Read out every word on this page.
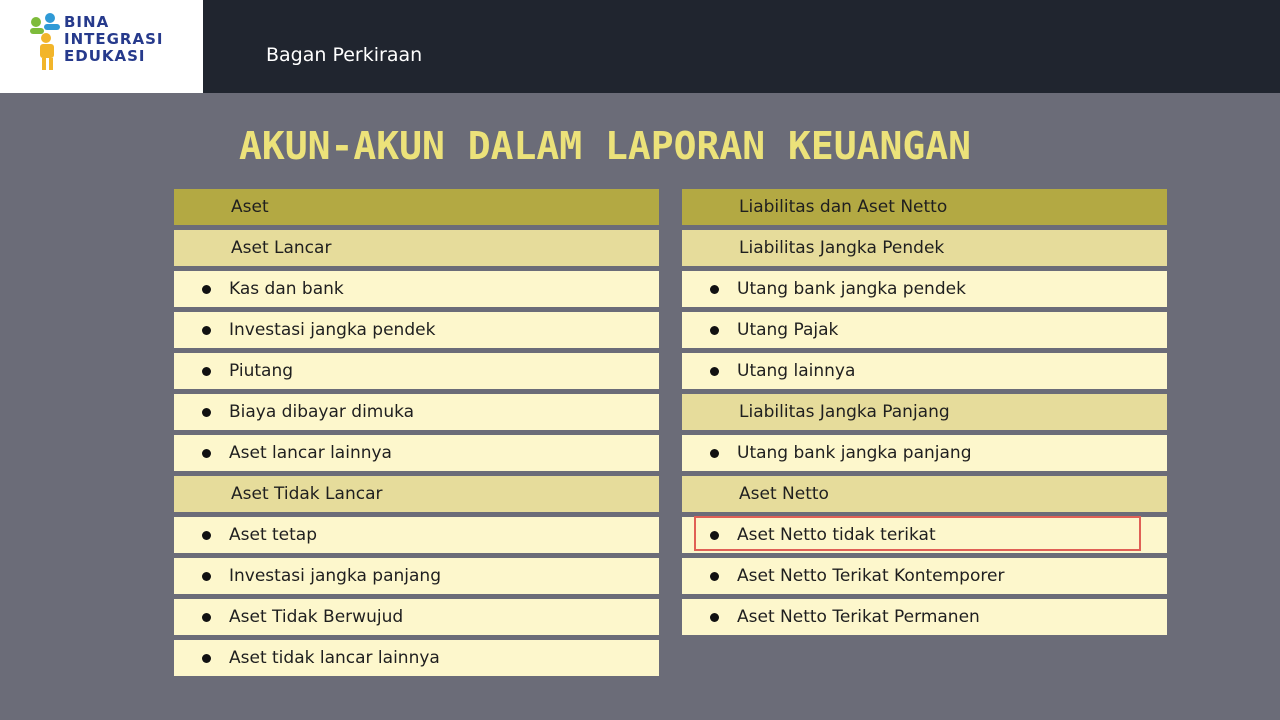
BINA
INTEGRASI
EDUKASI	Bagan Perkiraan
AKUN-AKUN DALAM LAPORAN KEUANGAN
Aset
Aset Lancar
Kas dan bank
Investasi jangka pendek
Piutang
Biaya dibayar dimuka
Aset lancar lainnya
Aset Tidak Lancar
Aset tetap
Investasi jangka panjang
Aset Tidak Berwujud
Aset tidak lancar lainnya
Liabilitas dan Aset Netto
Liabilitas Jangka Pendek
Utang bank jangka pendek
Utang Pajak
Utang lainnya
Liabilitas Jangka Panjang
Utang bank jangka panjang
Aset Netto
Aset Netto tidak terikat
Aset Netto Terikat Kontemporer
Aset Netto Terikat Permanen
